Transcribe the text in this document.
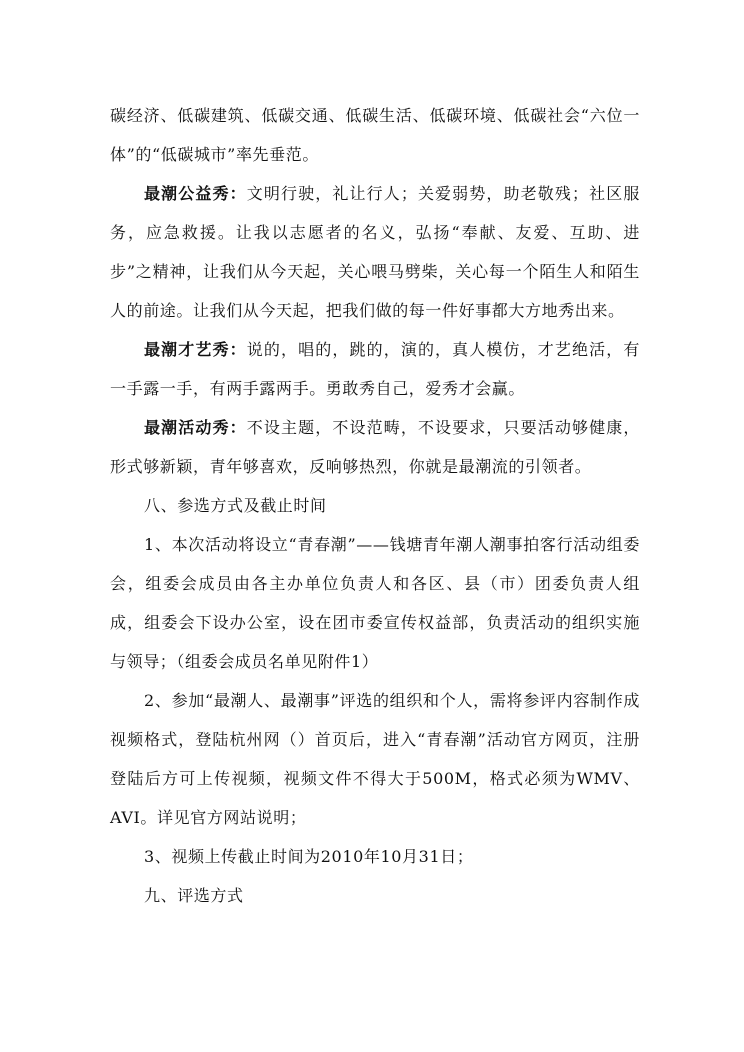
碳经济、低碳建筑、低碳交通、低碳生活、低碳环境、低碳社会“六位一体”的“低碳城市”率先垂范。

最潮公益秀：文明行驶，礼让行人；关爱弱势，助老敬残；社区服务，应急救援。让我以志愿者的名义，弘扬“奉献、友爱、互助、进步”之精神，让我们从今天起，关心喂马劈柴，关心每一个陌生人和陌生人的前途。让我们从今天起，把我们做的每一件好事都大方地秀出来。

最潮才艺秀：说的，唱的，跳的，演的，真人模仿，才艺绝活，有一手露一手，有两手露两手。勇敢秀自己，爱秀才会赢。

最潮活动秀：不设主题，不设范畴，不设要求，只要活动够健康，形式够新颖，青年够喜欢，反响够热烈，你就是最潮流的引领者。

八、参选方式及截止时间

1、本次活动将设立“青春潮”——钱塘青年潮人潮事拍客行活动组委会，组委会成员由各主办单位负责人和各区、县（市）团委负责人组成，组委会下设办公室，设在团市委宣传权益部，负责活动的组织实施与领导；（组委会成员名单见附件1）

2、参加“最潮人、最潮事”评选的组织和个人，需将参评内容制作成视频格式，登陆杭州网（）首页后，进入“青春潮”活动官方网页，注册登陆后方可上传视频，视频文件不得大于500M，格式必须为WMV、AVI。详见官方网站说明；

3、视频上传截止时间为2010年10月31日；

九、评选方式
